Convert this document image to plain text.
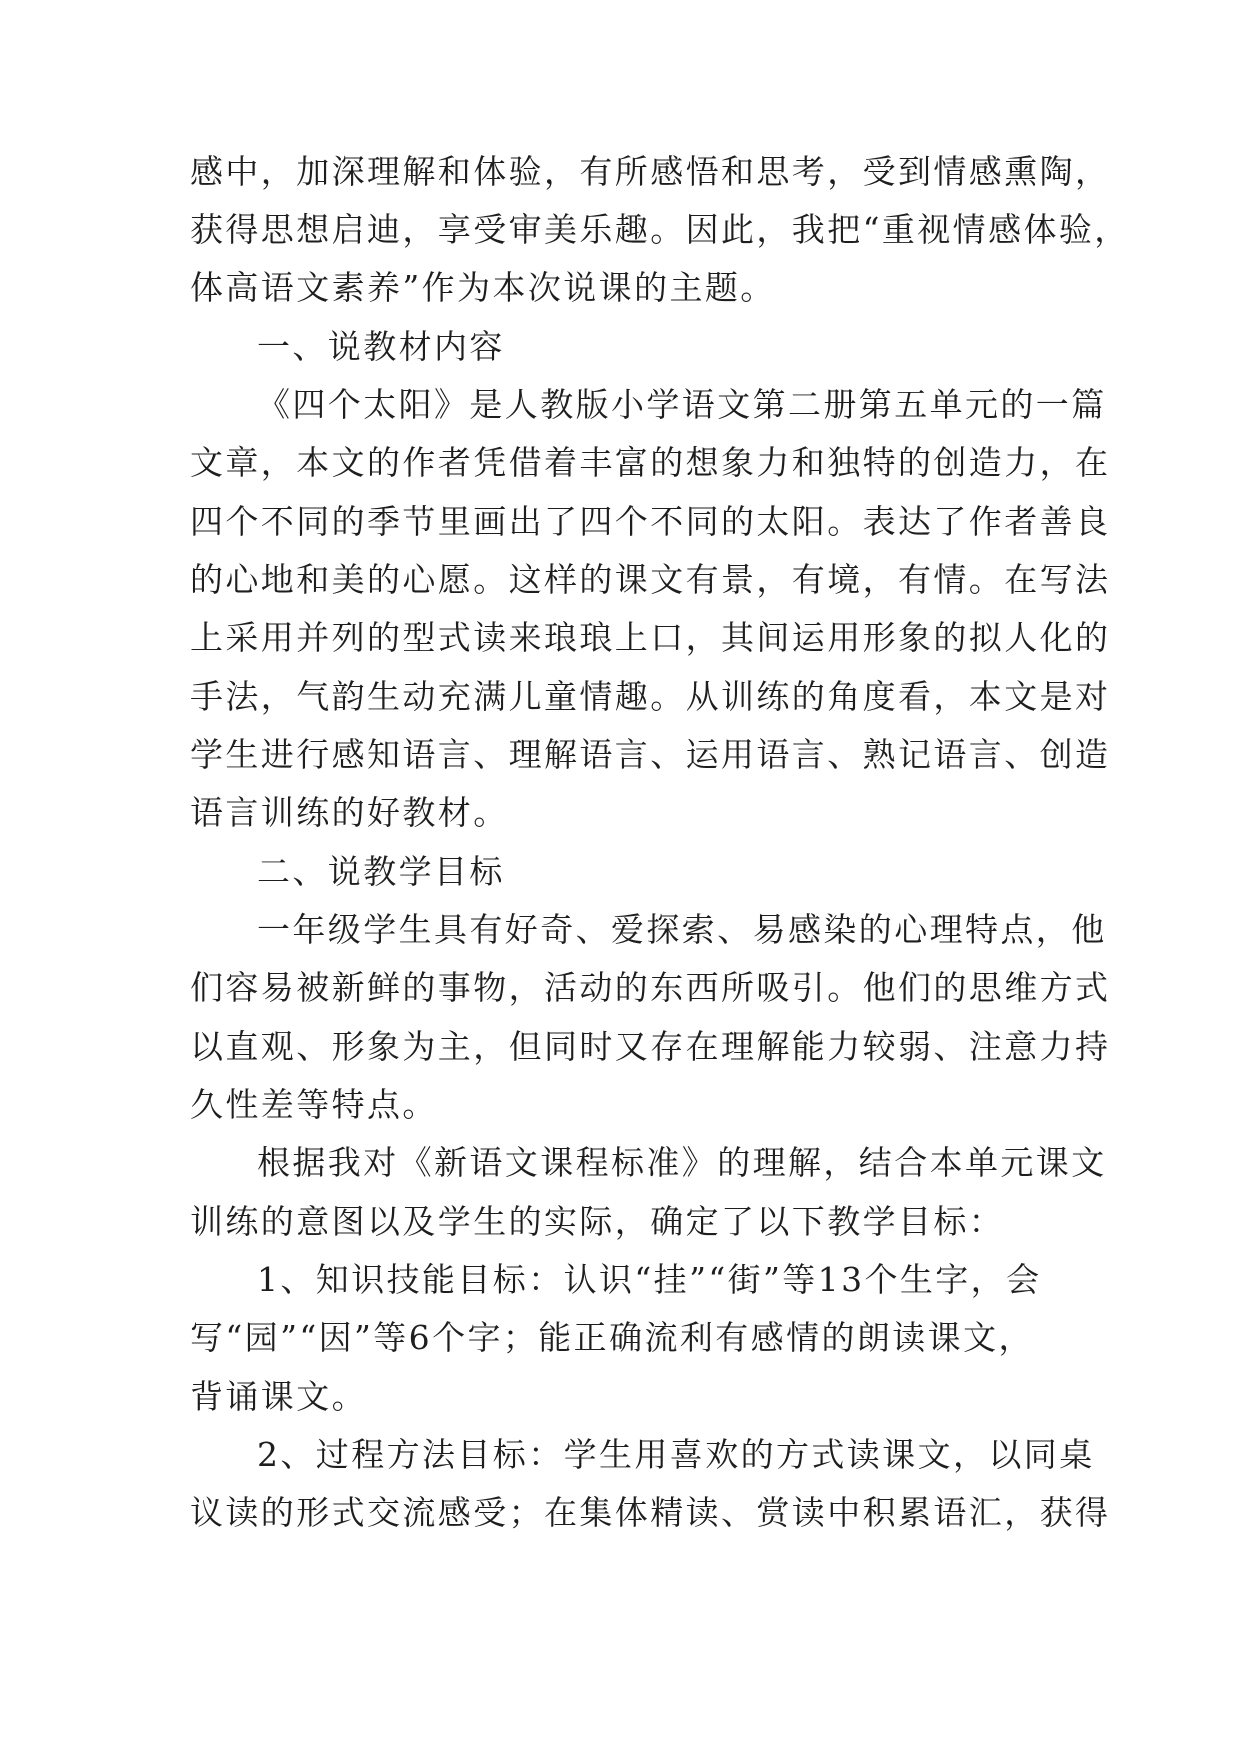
感中，加深理解和体验，有所感悟和思考，受到情感熏陶，
获得思想启迪，享受审美乐趣。因此，我把“重视情感体验，
体高语文素养”作为本次说课的主题。
一、说教材内容
《四个太阳》是人教版小学语文第二册第五单元的一篇
文章，本文的作者凭借着丰富的想象力和独特的创造力，在
四个不同的季节里画出了四个不同的太阳。表达了作者善良
的心地和美的心愿。这样的课文有景，有境，有情。在写法
上采用并列的型式读来琅琅上口，其间运用形象的拟人化的
手法，气韵生动充满儿童情趣。从训练的角度看，本文是对
学生进行感知语言、理解语言、运用语言、熟记语言、创造
语言训练的好教材。
二、说教学目标
一年级学生具有好奇、爱探索、易感染的心理特点，他
们容易被新鲜的事物，活动的东西所吸引。他们的思维方式
以直观、形象为主，但同时又存在理解能力较弱、注意力持
久性差等特点。
根据我对《新语文课程标准》的理解，结合本单元课文
训练的意图以及学生的实际，确定了以下教学目标：
1、知识技能目标：认识“挂”“街”等13个生字，会
写“园”“因”等6个字；能正确流利有感情的朗读课文，
背诵课文。
2、过程方法目标：学生用喜欢的方式读课文，以同桌
议读的形式交流感受；在集体精读、赏读中积累语汇，获得
